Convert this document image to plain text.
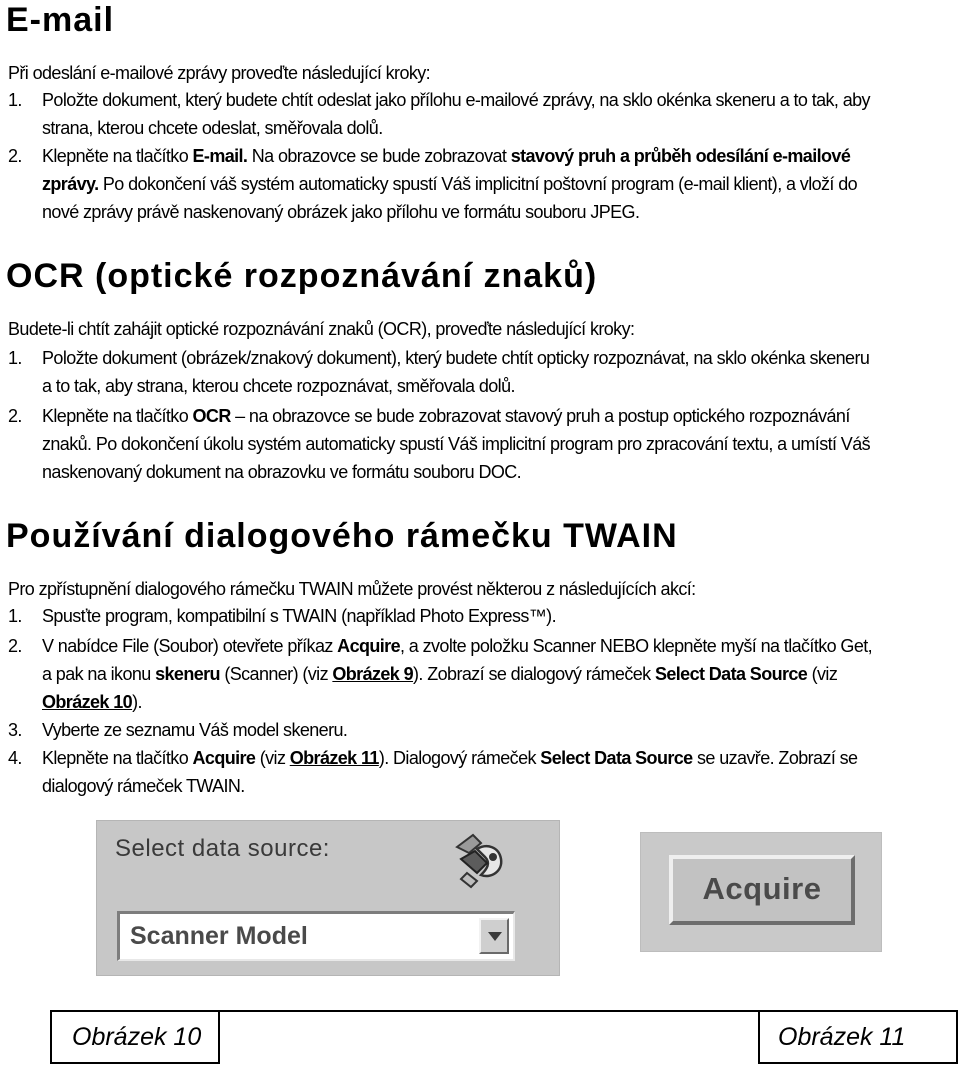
E-mail

Při odeslání e-mailové zprávy proveďte následující kroky:

1. Položte dokument, který budete chtít odeslat jako přílohu e-mailové zprávy, na sklo okénka skeneru a to tak, aby
strana, kterou chcete odeslat, směřovala dolů.
2. Klepněte na tlačítko E-mail. Na obrazovce se bude zobrazovat stavový pruh a průběh odesílání e-mailové
zprávy. Po dokončení váš systém automaticky spustí Váš implicitní poštovní program (e-mail klient), a vloží do
nové zprávy právě naskenovaný obrázek jako přílohu ve formátu souboru JPEG.
OCR (optické rozpoznávání znaků)

Budete-li chtít zahájit optické rozpoznávání znaků (OCR), proveďte následující kroky:

1. Položte dokument (obrázek/znakový dokument), který budete chtít opticky rozpoznávat, na sklo okénka skeneru
a to tak, aby strana, kterou chcete rozpoznávat, směřovala dolů.
2. Klepněte na tlačítko OCR – na obrazovce se bude zobrazovat stavový pruh a postup optického rozpoznávání
znaků. Po dokončení úkolu systém automaticky spustí Váš implicitní program pro zpracování textu, a umístí Váš
naskenovaný dokument na obrazovku ve formátu souboru DOC.
Používání dialogového rámečku TWAIN

Pro zpřístupnění dialogového rámečku TWAIN můžete provést některou z následujících akcí:

1. Spusťte program, kompatibilní s TWAIN (například Photo Express™).
2. V nabídce File (Soubor) otevřete příkaz Acquire, a zvolte položku Scanner NEBO klepněte myší na tlačítko Get,
a pak na ikonu skeneru (Scanner) (viz Obrázek 9). Zobrazí se dialogový rámeček Select Data Source (viz
Obrázek 10).
3. Vyberte ze seznamu Váš model skeneru.
4. Klepněte na tlačítko Acquire (viz Obrázek 11). Dialogový rámeček Select Data Source se uzavře. Zobrazí se
dialogový rámeček TWAIN.
Select data source:
Scanner Model
Acquire
Obrázek 10	Obrázek 11
